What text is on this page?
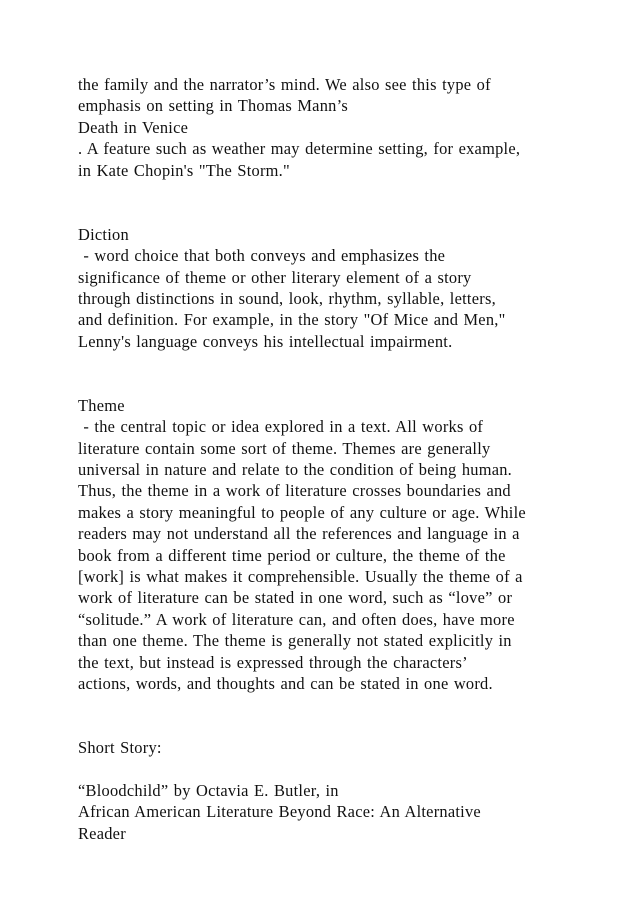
the family and the narrator’s mind. We also see this type of
emphasis on setting in Thomas Mann’s
Death in Venice
. A feature such as weather may determine setting, for example,
in Kate Chopin's "The Storm."
Diction
- word choice that both conveys and emphasizes the
significance of theme or other literary element of a story
through distinctions in sound, look, rhythm, syllable, letters,
and definition. For example, in the story "Of Mice and Men,"
Lenny's language conveys his intellectual impairment.
Theme
- the central topic or idea explored in a text. All works of
literature contain some sort of theme. Themes are generally
universal in nature and relate to the condition of being human.
Thus, the theme in a work of literature crosses boundaries and
makes a story meaningful to people of any culture or age. While
readers may not understand all the references and language in a
book from a different time period or culture, the theme of the
[work] is what makes it comprehensible. Usually the theme of a
work of literature can be stated in one word, such as “love” or
“solitude.” A work of literature can, and often does, have more
than one theme. The theme is generally not stated explicitly in
the text, but instead is expressed through the characters’
actions, words, and thoughts and can be stated in one word.
Short Story:
“Bloodchild” by Octavia E. Butler, in
African American Literature Beyond Race: An Alternative
Reader
